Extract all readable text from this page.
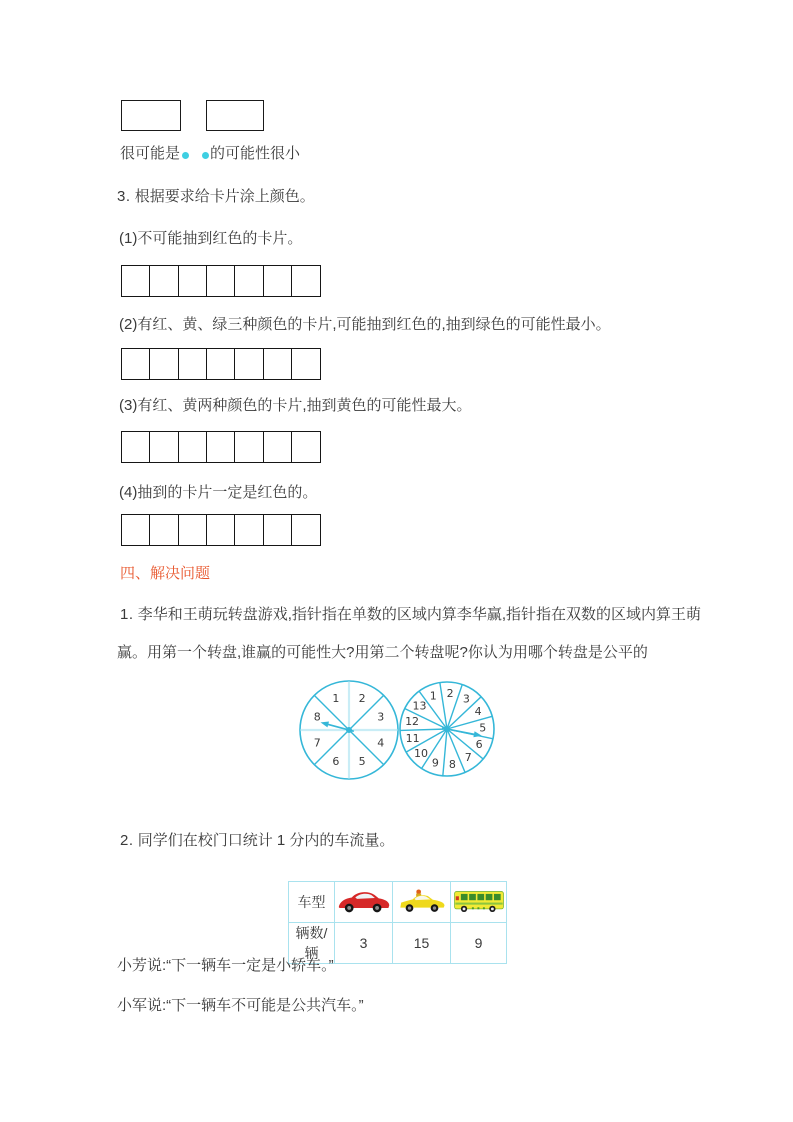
很可能是 的可能性很小
3. 根据要求给卡片涂上颜色。
(1)不可能抽到红色的卡片。
(2)有红、黄、绿三种颜色的卡片,可能抽到红色的,抽到绿色的可能性最小。
(3)有红、黄两种颜色的卡片,抽到黄色的可能性最大。
(4)抽到的卡片一定是红色的。
四、解决问题
1. 李华和王萌玩转盘游戏,指针指在单数的区域内算李华赢,指针指在双数的区域内算王萌
赢。用第一个转盘,谁赢的可能性大?用第二个转盘呢?你认为用哪个转盘是公平的
1 2
3
4
5
6
7
8
1 2 3
4
5
6
7
8
9
10
11
12
13
2. 同学们在校门口统计 1 分内的车流量。
车型			
辆数/辆	3	15	9
小芳说:“下一辆车一定是小轿车。”
小军说:“下一辆车不可能是公共汽车。”
